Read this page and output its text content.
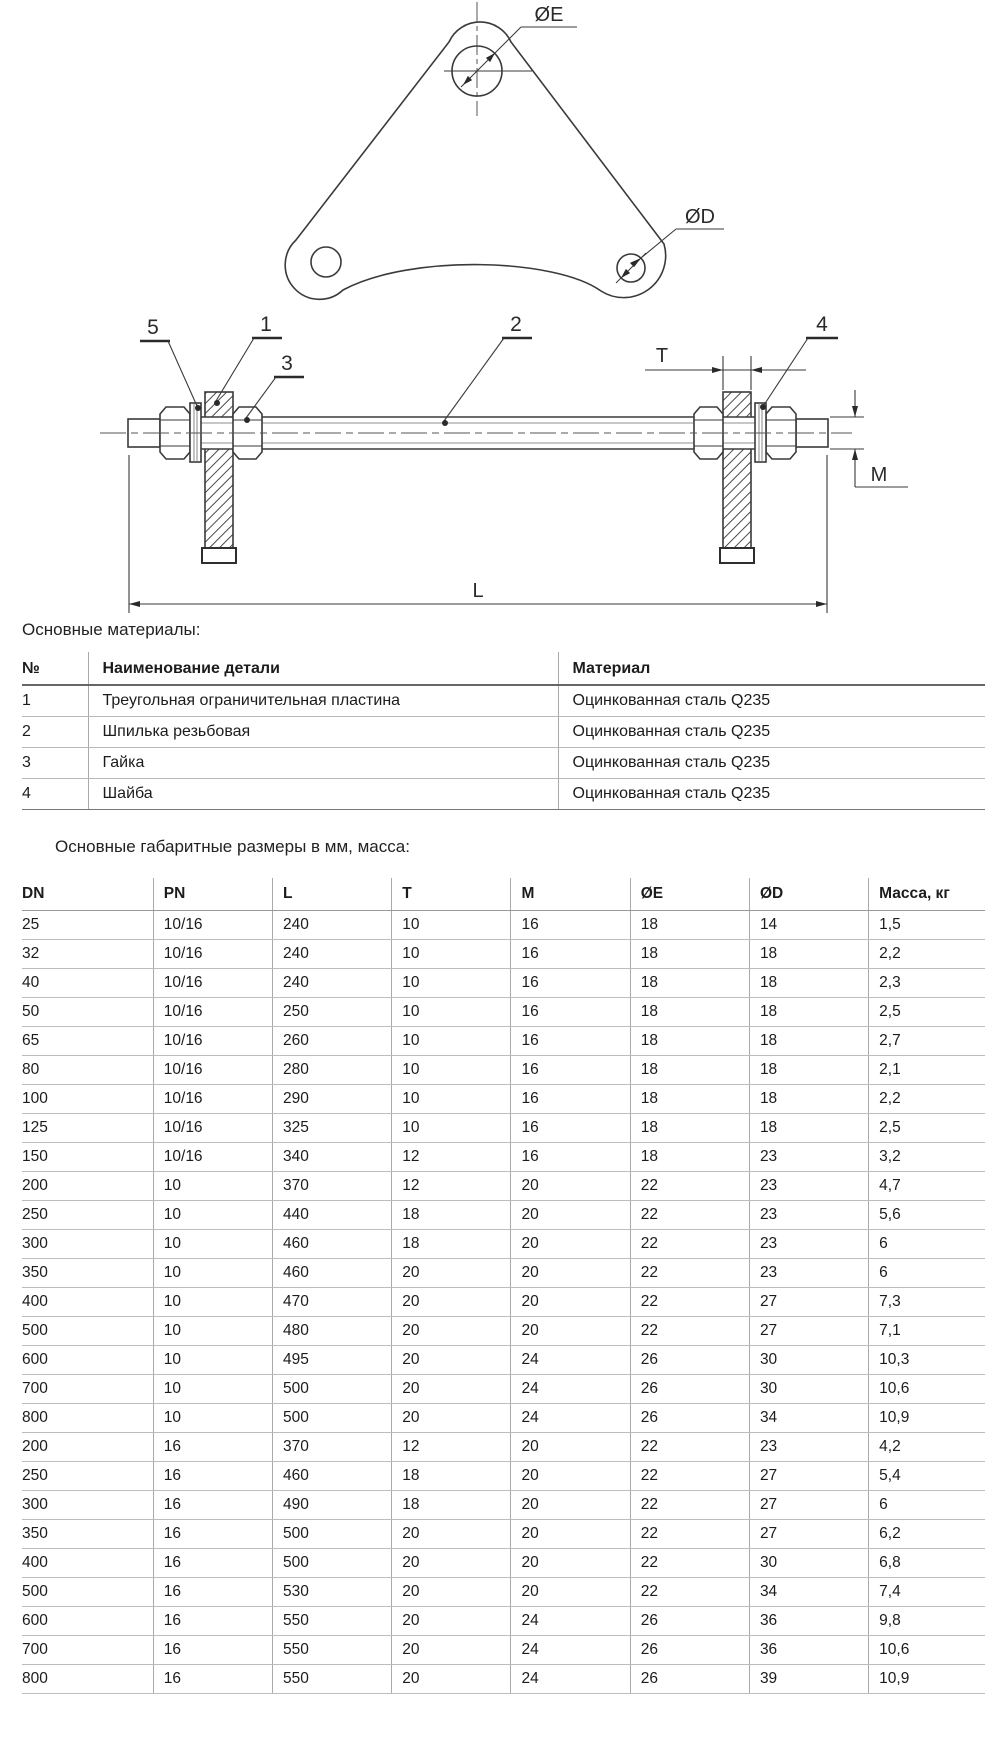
ØE
ØD
5	1
3
2	4
T
M
L
Основные материалы:
№	Наименование детали	Материал
1	Треугольная ограничительная пластина	Оцинкованная сталь Q235
2	Шпилька резьбовая	Оцинкованная сталь Q235
3	Гайка	Оцинкованная сталь Q235
4	Шайба	Оцинкованная сталь Q235
Основные габаритные размеры в мм, масса:
DN	PN	L	T	M	ØE	ØD	Масса, кг
25	10/16	240	10	16	18	14	1,5
32	10/16	240	10	16	18	18	2,2
40	10/16	240	10	16	18	18	2,3
50	10/16	250	10	16	18	18	2,5
65	10/16	260	10	16	18	18	2,7
80	10/16	280	10	16	18	18	2,1
100	10/16	290	10	16	18	18	2,2
125	10/16	325	10	16	18	18	2,5
150	10/16	340	12	16	18	23	3,2
200	10	370	12	20	22	23	4,7
250	10	440	18	20	22	23	5,6
300	10	460	18	20	22	23	6
350	10	460	20	20	22	23	6
400	10	470	20	20	22	27	7,3
500	10	480	20	20	22	27	7,1
600	10	495	20	24	26	30	10,3
700	10	500	20	24	26	30	10,6
800	10	500	20	24	26	34	10,9
200	16	370	12	20	22	23	4,2
250	16	460	18	20	22	27	5,4
300	16	490	18	20	22	27	6
350	16	500	20	20	22	27	6,2
400	16	500	20	20	22	30	6,8
500	16	530	20	20	22	34	7,4
600	16	550	20	24	26	36	9,8
700	16	550	20	24	26	36	10,6
800	16	550	20	24	26	39	10,9
